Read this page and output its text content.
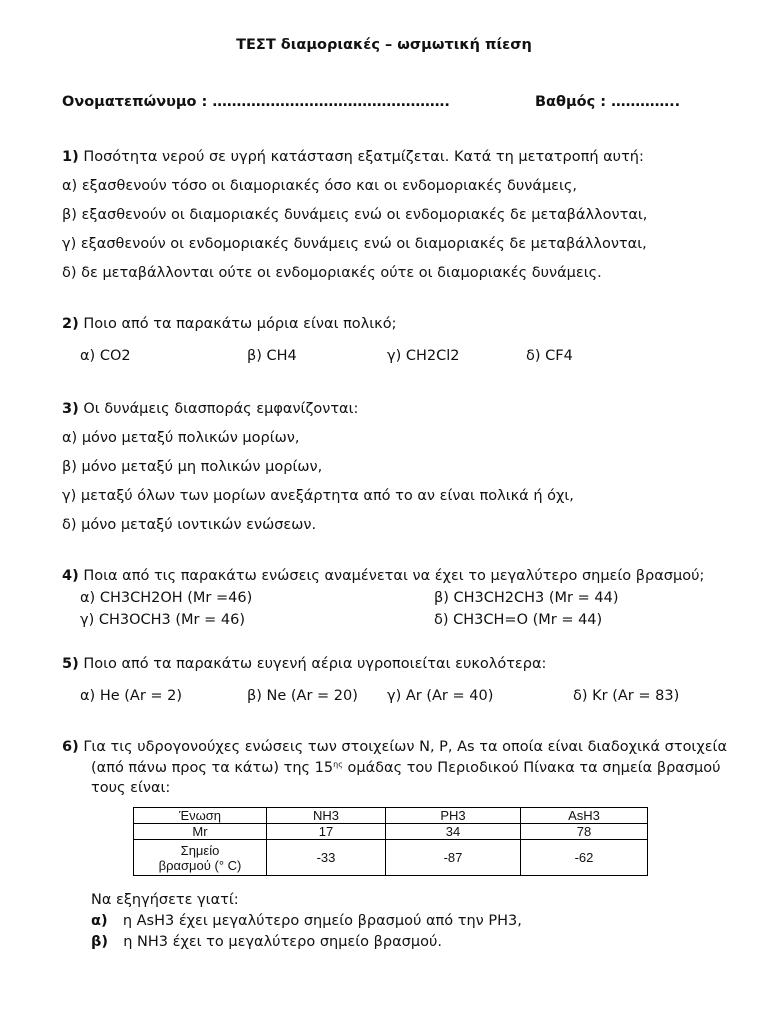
ΤΕΣΤ διαμοριακές – ωσμωτική πίεση
Ονοματεπώνυμο : ………………………………………….	Βαθμός : …………..
1) Ποσότητα νερού σε υγρή κατάσταση εξατμίζεται. Κατά τη μετατροπή αυτή:
α) εξασθενούν τόσο οι διαμοριακές όσο και οι ενδομοριακές δυνάμεις,
β) εξασθενούν οι διαμοριακές δυνάμεις ενώ οι ενδομοριακές δε μεταβάλλονται,
γ) εξασθενούν οι ενδομοριακές δυνάμεις ενώ οι διαμοριακές δε μεταβάλλονται,
δ) δε μεταβάλλονται ούτε οι ενδομοριακές ούτε οι διαμοριακές δυνάμεις.
2) Ποιο από τα παρακάτω μόρια είναι πολικό;
α) CO2	β) CH4	γ) CH2Cl2	δ) CF4
3) Οι δυνάμεις διασποράς εμφανίζονται:
α) μόνο μεταξύ πολικών μορίων,
β) μόνο μεταξύ μη πολικών μορίων,
γ) μεταξύ όλων των μορίων ανεξάρτητα από το αν είναι πολικά ή όχι,
δ) μόνο μεταξύ ιοντικών ενώσεων.
4) Ποια από τις παρακάτω ενώσεις αναμένεται να έχει το μεγαλύτερο σημείο βρασμού;
α) CH3CH2OH (Mr =46)	β) CH3CH2CH3 (Mr = 44)
γ) CH3OCH3 (Mr = 46)	δ) CH3CH=O (Mr = 44)
5) Ποιο από τα παρακάτω ευγενή αέρια υγροποιείται ευκολότερα:
α) He (Ar = 2)	β) Ne (Ar = 20) γ) Ar (Ar = 40)	δ) Kr (Ar = 83)
6) Για τις υδρογονούχες ενώσεις των στοιχείων N, P, As τα οποία είναι διαδοχικά στοιχεία
(από πάνω προς τα κάτω) της $15^{\eta\varsigma}$ ομάδας του Περιοδικού Πίνακα τα σημεία βρασμού
τους είναι:
Ένωση	NH3	PH3	AsH3
Mr	17	34	78

Σημείο
βρασμού (° C)	-33	-87	-62
Να εξηγήσετε γιατί:
α) η AsH3 έχει μεγαλύτερο σημείο βρασμού από την PH3,
β) η NH3 έχει το μεγαλύτερο σημείο βρασμού.
